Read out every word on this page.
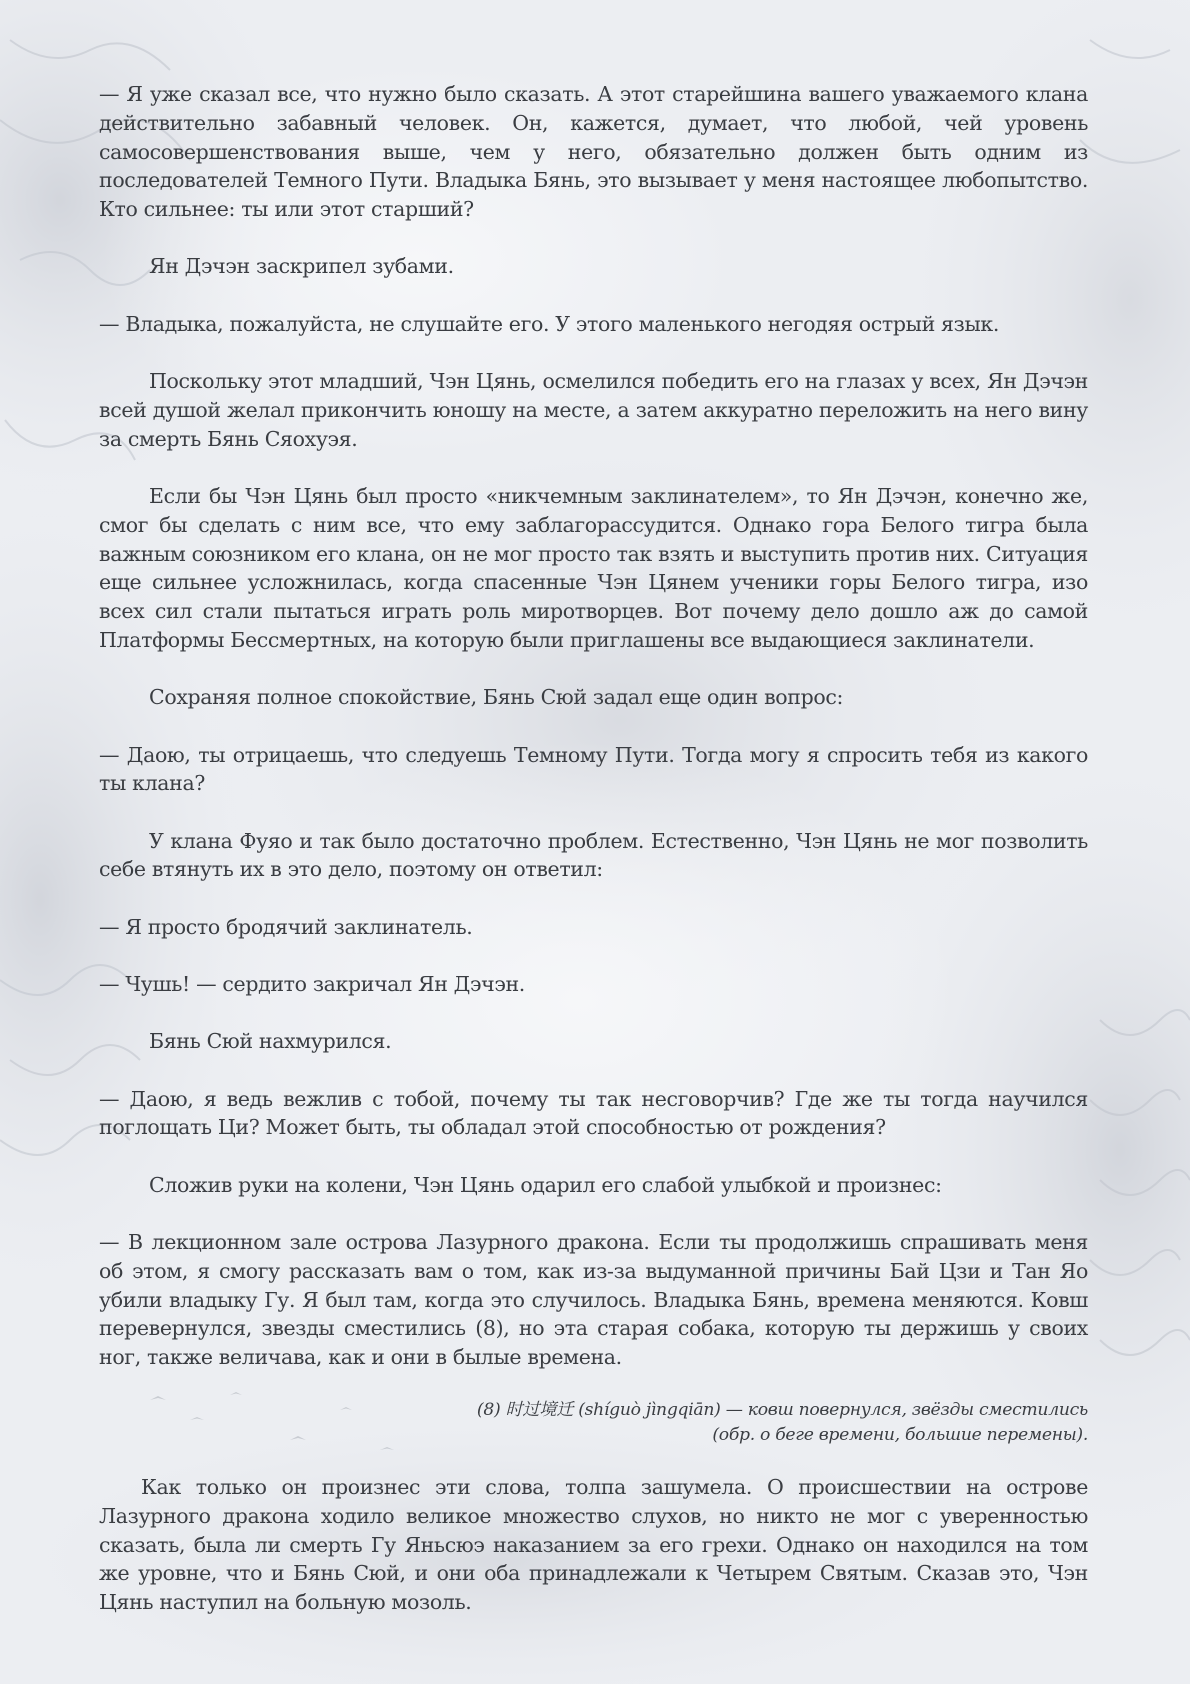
— Я уже сказал все, что нужно было сказать. А этот старейшина вашего уважаемого клана действительно забавный человек. Он, кажется, думает, что любой, чей уровень самосовершенствования выше, чем у него, обязательно должен быть одним из последователей Темного Пути. Владыка Бянь, это вызывает у меня настоящее любопытство. Кто сильнее: ты или этот старший?

Ян Дэчэн заскрипел зубами.

— Владыка, пожалуйста, не слушайте его. У этого маленького негодяя острый язык.

Поскольку этот младший, Чэн Цянь, осмелился победить его на глазах у всех, Ян Дэчэн всей душой желал прикончить юношу на месте, а затем аккуратно переложить на него вину за смерть Бянь Сяохуэя.

Если бы Чэн Цянь был просто «никчемным заклинателем», то Ян Дэчэн, конечно же, смог бы сделать с ним все, что ему заблагорассудится. Однако гора Белого тигра была важным союзником его клана, он не мог просто так взять и выступить против них. Ситуация еще сильнее усложнилась, когда спасенные Чэн Цянем ученики горы Белого тигра, изо всех сил стали пытаться играть роль миротворцев. Вот почему дело дошло аж до самой Платформы Бессмертных, на которую были приглашены все выдающиеся заклинатели.

Сохраняя полное спокойствие, Бянь Сюй задал еще один вопрос:

— Даою, ты отрицаешь, что следуешь Темному Пути. Тогда могу я спросить тебя из какого ты клана?

У клана Фуяо и так было достаточно проблем. Естественно, Чэн Цянь не мог позволить себе втянуть их в это дело, поэтому он ответил:

— Я просто бродячий заклинатель.

— Чушь! — сердито закричал Ян Дэчэн.

Бянь Сюй нахмурился.

— Даою, я ведь вежлив с тобой, почему ты так несговорчив? Где же ты тогда научился поглощать Ци? Может быть, ты обладал этой способностью от рождения?

Сложив руки на колени, Чэн Цянь одарил его слабой улыбкой и произнес:

— В лекционном зале острова Лазурного дракона. Если ты продолжишь спрашивать меня об этом, я смогу рассказать вам о том, как из-за выдуманной причины Бай Цзи и Тан Яо убили владыку Гу. Я был там, когда это случилось. Владыка Бянь, времена меняются. Ковш перевернулся, звезды сместились (8), но эта старая собака, которую ты держишь у своих ног, также величава, как и они в былые времена.

(8) 时过境迁 (shíguò jìngqiān) — ковш повернулся, звёзды сместились
(обр. о беге времени, большие перемены).

Как только он произнес эти слова, толпа зашумела. О происшествии на острове Лазурного дракона ходило великое множество слухов, но никто не мог с уверенностью сказать, была ли смерть Гу Яньсюэ наказанием за его грехи. Однако он находился на том же уровне, что и Бянь Сюй, и они оба принадлежали к Четырем Святым. Сказав это, Чэн Цянь наступил на больную мозоль.
